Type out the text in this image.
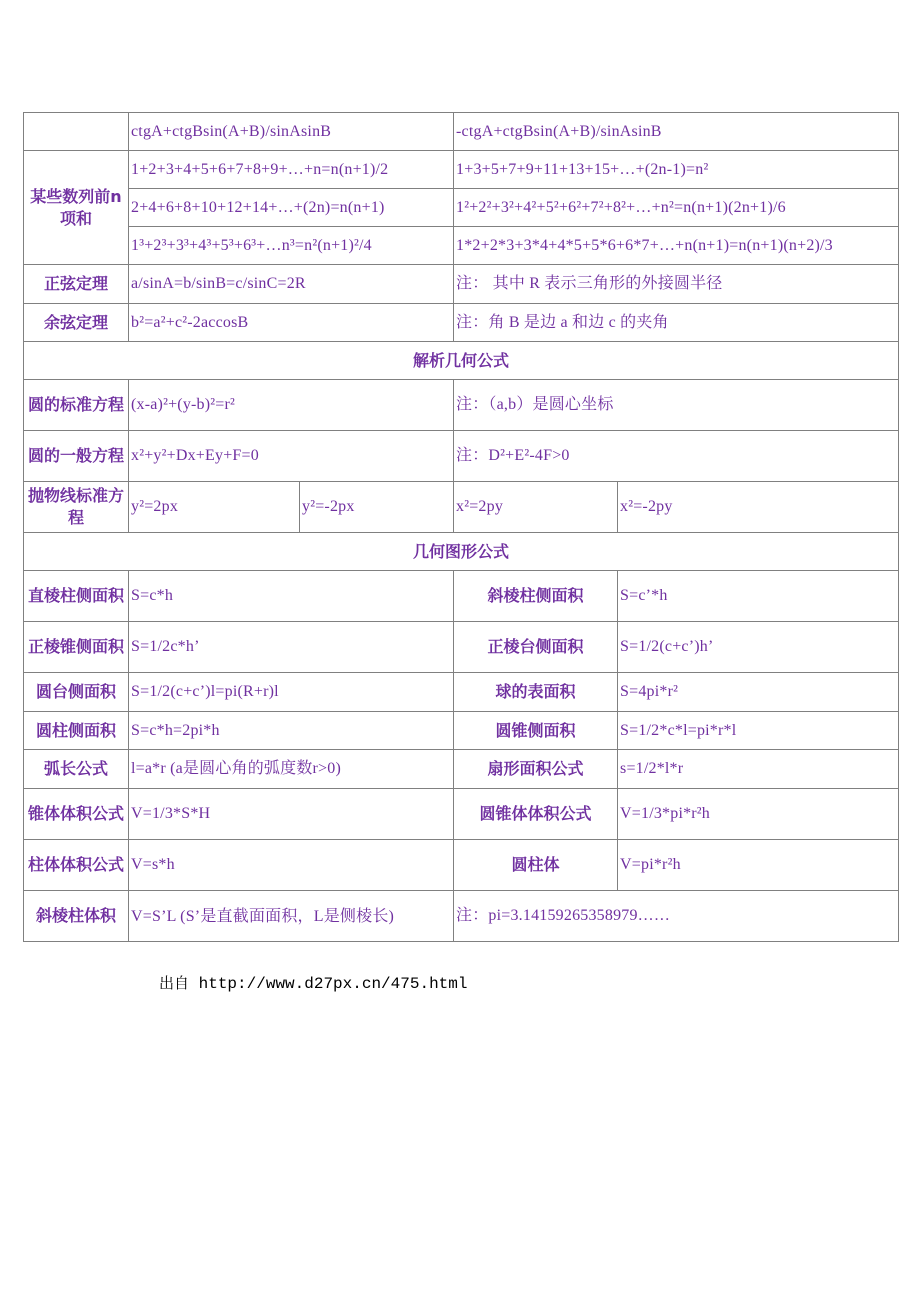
	ctgA+ctgBsin(A+B)/sinAsinB		-ctgA+ctgBsin(A+B)/sinAsinB	
某些数列前n项和	1+2+3+4+5+6+7+8+9+…+n=n(n+1)/2		1+3+5+7+9+11+13+15+…+(2n-1)=n²	
	2+4+6+8+10+12+14+…+(2n)=n(n+1)		1²+2²+3²+4²+5²+6²+7²+8²+…+n²=n(n+1)(2n+1)/6	
	1³+2³+3³+4³+5³+6³+…n³=n²(n+1)²/4		1*2+2*3+3*4+4*5+5*6+6*7+…+n(n+1)=n(n+1)(n+2)/3	
正弦定理	a/sinA=b/sinB=c/sinC=2R		注： 其中 R 表示三角形的外接圆半径	
余弦定理	b²=a²+c²-2accosB		注：角 B 是边 a 和边 c 的夹角	
解析几何公式				
圆的标准方程	(x-a)²+(y-b)²=r²		注：（a,b）是圆心坐标	
圆的一般方程	x²+y²+Dx+Ey+F=0		注：D²+E²-4F>0	
抛物线标准方程	y²=2px	y²=-2px	x²=2py	x²=-2py
几何图形公式				
直棱柱侧面积	S=c*h		斜棱柱侧面积	S=c’*h
正棱锥侧面积	S=1/2c*h’		正棱台侧面积	S=1/2(c+c’)h’
圆台侧面积	S=1/2(c+c’)l=pi(R+r)l		球的表面积	S=4pi*r²
圆柱侧面积	S=c*h=2pi*h		圆锥侧面积	S=1/2*c*l=pi*r*l
弧长公式	l=a*r (a是圆心角的弧度数r>0)		扇形面积公式	s=1/2*l*r
锥体体积公式	V=1/3*S*H		圆锥体体积公式	V=1/3*pi*r²h
柱体体积公式	V=s*h		圆柱体	V=pi*r²h
斜棱柱体积	V=S’L (S’是直截面面积，L是侧棱长)		注：pi=3.14159265358979……	
出自 http://www.d27px.cn/475.html
